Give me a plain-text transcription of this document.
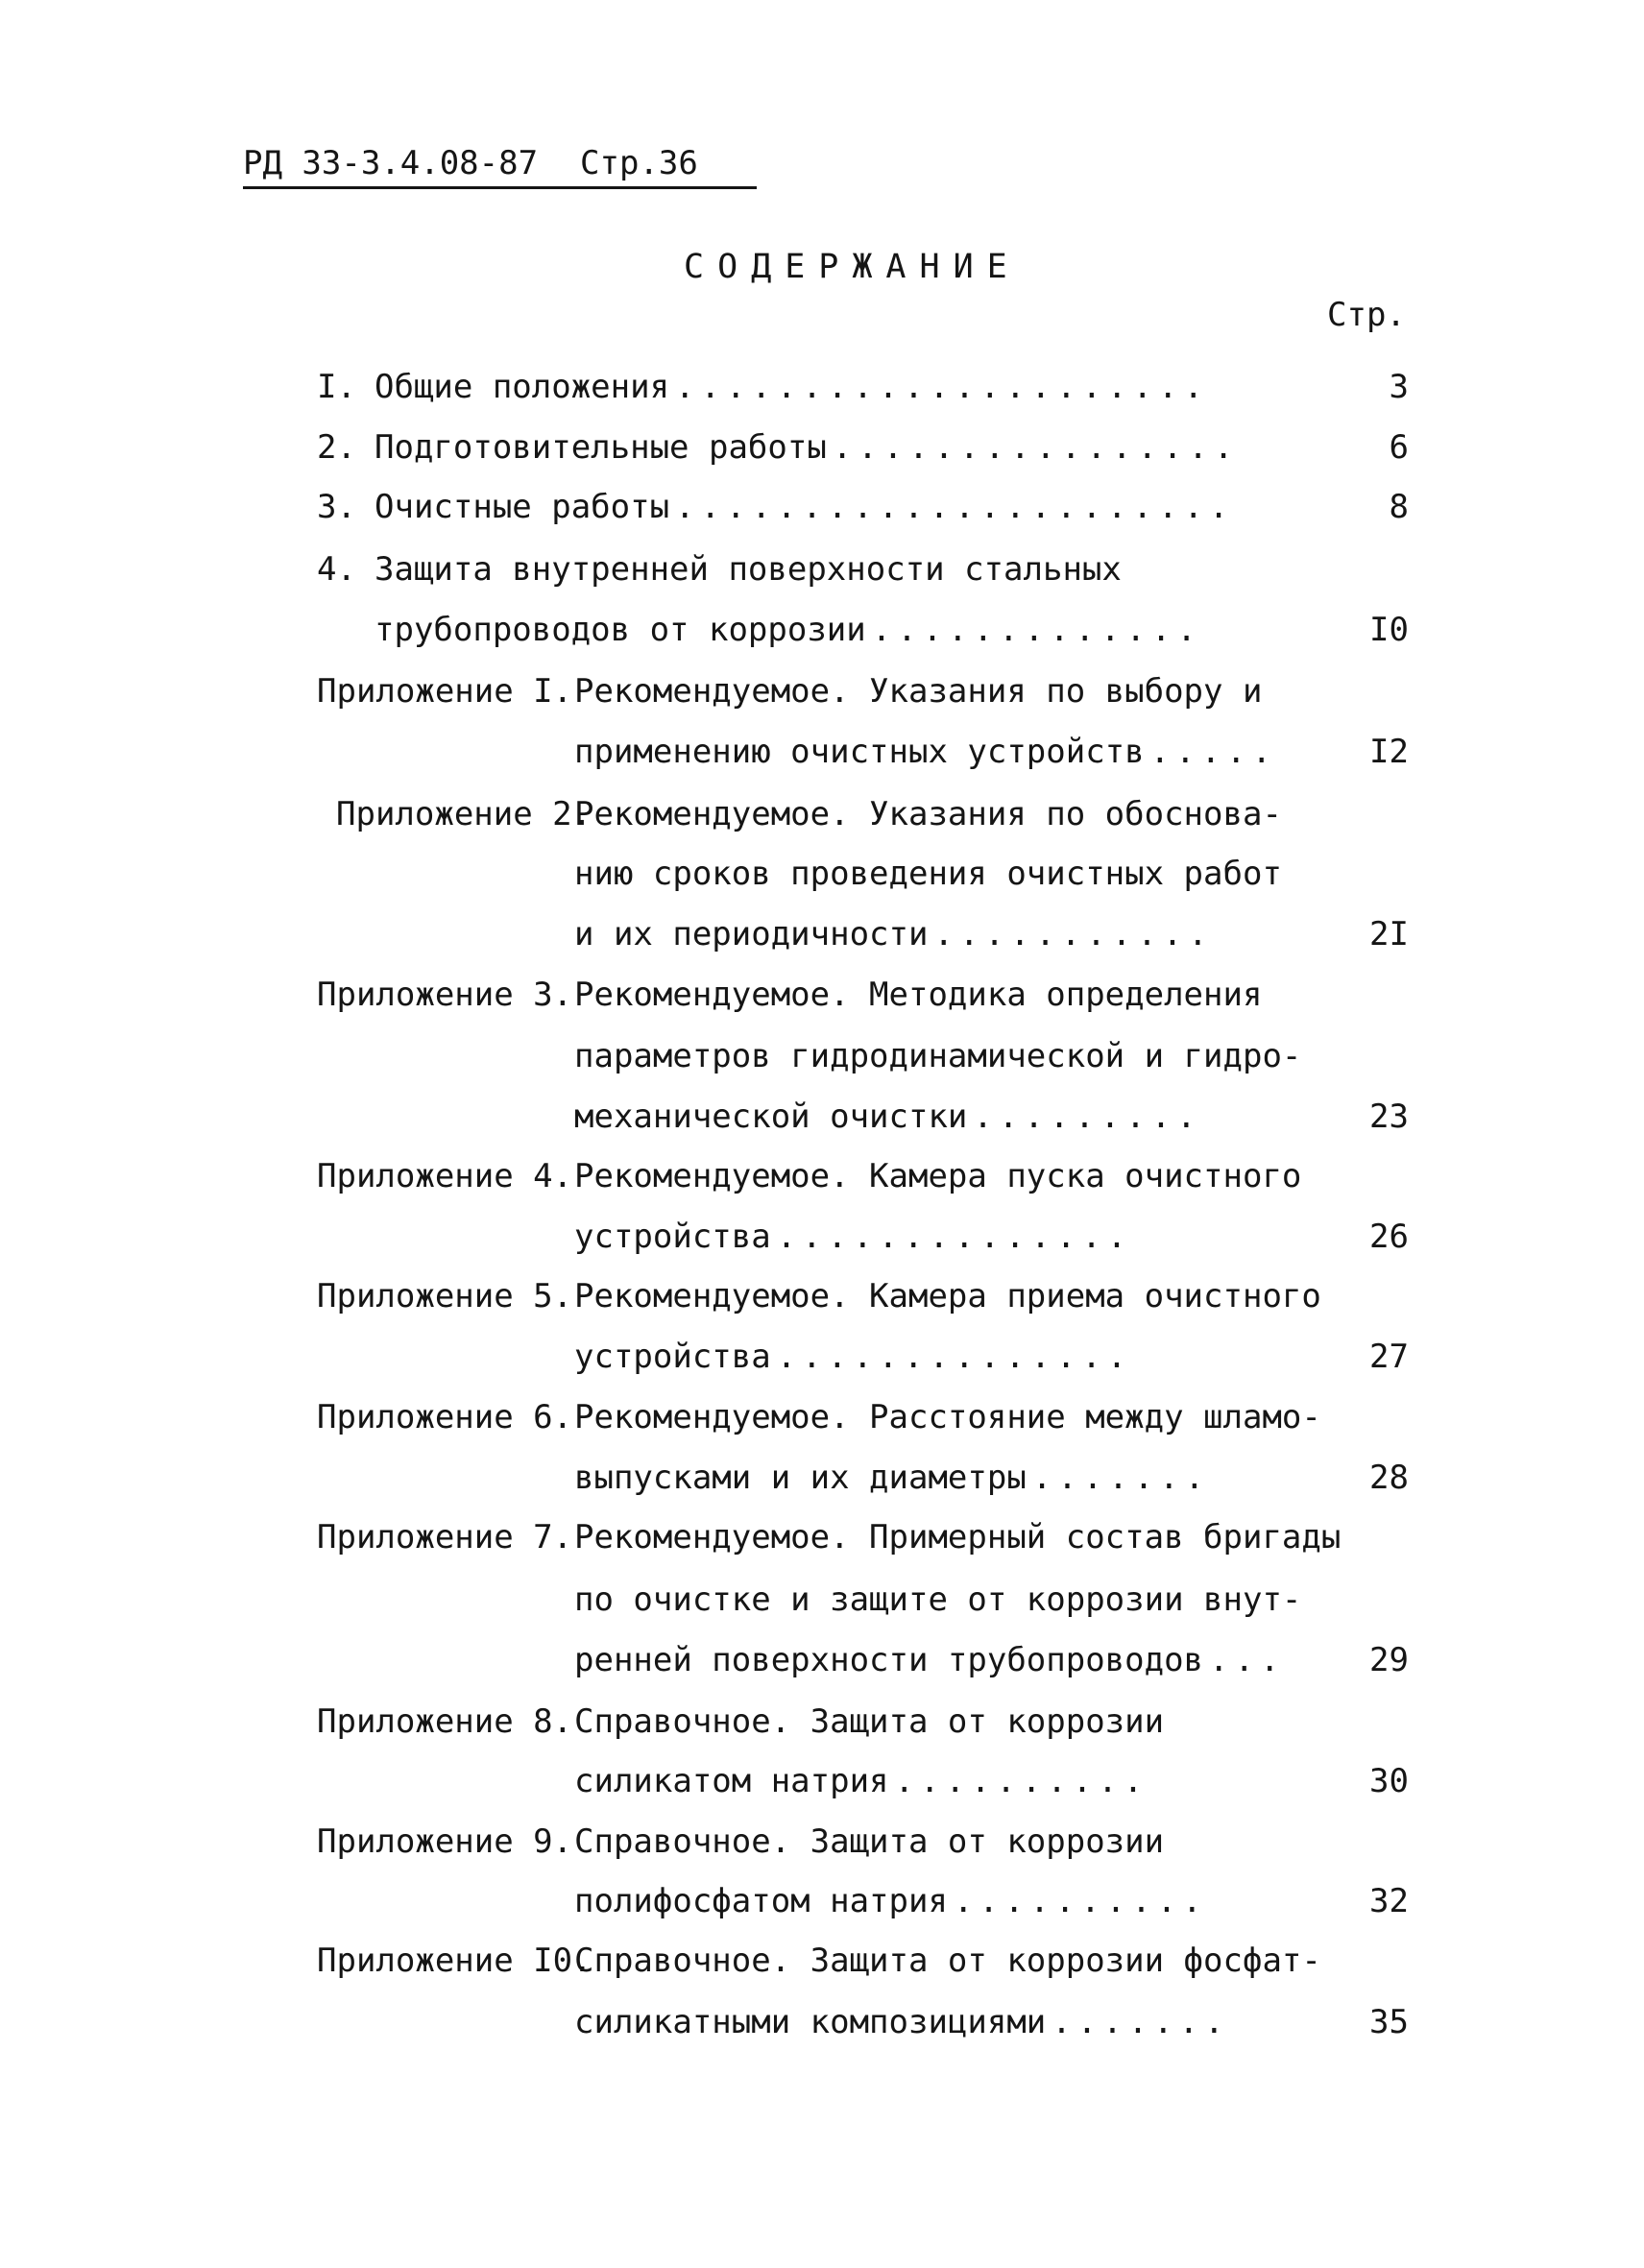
РД 33-3.4.08-87 Стр.36
СОДЕРЖАНИЕ
Стр.
I. Общие положения .....................	3
2. Подготовительные работы ................	6
3. Очистные работы ......................	8
4. Защита внутренней поверхности стальных
трубопроводов от коррозии .............	I0
Приложение I. Рекомендуемое. Указания по выбору и
применению очистных устройств .....	I2
Приложение 2.
Рекомендуемое. Указания по обоснова-
нию сроков проведения очистных работ
и их периодичности ...........	2I
Приложение 3. Рекомендуемое. Методика определения
параметров гидродинамической и гидро-
механической очистки .........	23
Приложение 4. Рекомендуемое. Камера пуска очистного
устройства ..............	26
Приложение 5. Рекомендуемое. Камера приема очистного
устройства ..............	27
Приложение 6. Рекомендуемое. Расстояние между шламо-
выпусками и их диаметры .......	28
Приложение 7. Рекомендуемое. Примерный состав бригады
по очистке и защите от коррозии внут-
ренней поверхности трубопроводов ...	29
Приложение 8. Справочное. Защита от коррозии
силикатом натрия ..........	30
Приложение 9. Справочное. Защита от коррозии
полифосфатом натрия ..........	32
Приложение I0.
Справочное. Защита от коррозии фосфат-
силикатными композициями .......	35
